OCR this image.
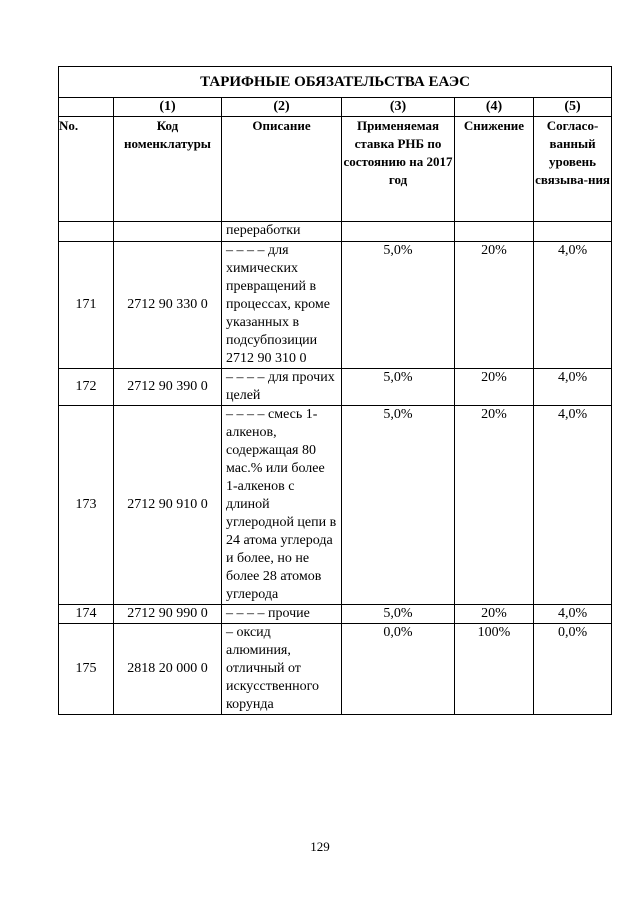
ТАРИФНЫЕ ОБЯЗАТЕЛЬСТВА ЕАЭС					
	(1)	(2)	(3)	(4)	(5)
No.	Код номенклатуры	Описание	Применяемая ставка РНБ по состоянию на 2017 год	Снижение	Согласо-ванный уровень связыва-ния
		переработки			
171	2712 90 330 0	– – – – для химических превращений в процессах, кроме указанных в подсубпозиции 2712 90 310 0	5,0%	20%	4,0%
172	2712 90 390 0	– – – – для прочих целей	5,0%	20%	4,0%
173	2712 90 910 0	– – – – смесь 1-алкенов, содержащая 80 мас.% или более 1-алкенов с длиной углеродной цепи в 24 атома углерода и более, но не более 28 атомов углерода	5,0%	20%	4,0%
174	2712 90 990 0	– – – – прочие	5,0%	20%	4,0%
175	2818 20 000 0	– оксид алюминия, отличный от искусственного корунда	0,0%	100%	0,0%
129
